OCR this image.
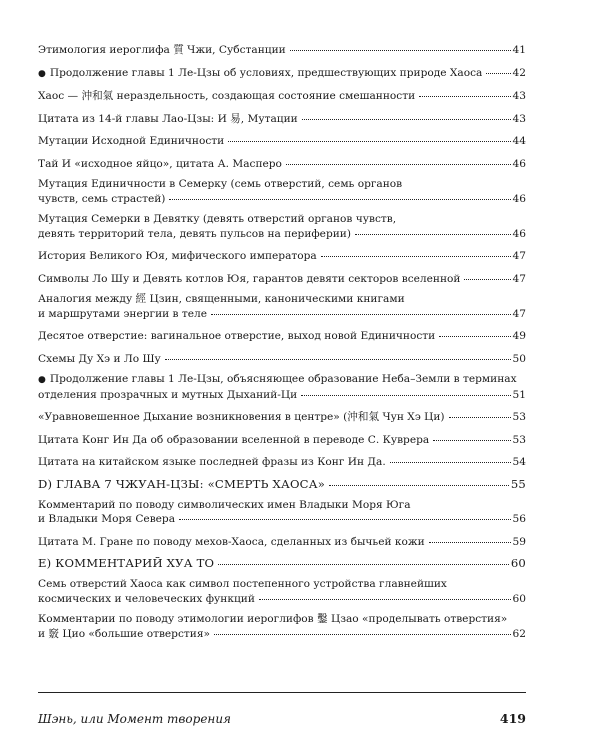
Этимология иероглифа 質 Чжи, Субстанции	41
● Продолжение главы 1 Ле-Цзы об условиях, предшествующих природе Хаоса	42
Хаос — 沖和氣 нераздельность, создающая состояние смешанности	43
Цитата из 14-й главы Лао-Цзы: И 易, Мутации	43
Мутации Исходной Единичности	44
Тай И «исходное яйцо», цитата А. Масперо	46
Мутация Единичности в Семерку (семь отверстий, семь органов
чувств, семь страстей)	46
Мутация Семерки в Девятку (девять отверстий органов чувств,
девять территорий тела, девять пульсов на периферии)	46
История Великого Юя, мифического императора	47
Символы Ло Шу и Девять котлов Юя, гарантов девяти секторов вселенной	47
Аналогия между 經 Цзин, священными, каноническими книгами
и маршрутами энергии в теле	47
Десятое отверстие: вагинальное отверстие, выход новой Единичности	49
Схемы Ду Хэ и Ло Шу	50
● Продолжение главы 1 Ле-Цзы, объясняющее образование Неба–Земли в терминах
отделения прозрачных и мутных Дыханий-Ци	51
«Уравновешенное Дыхание возникновения в центре» (沖和氣 Чун Хэ Ци)	53
Цитата Конг Ин Да об образовании вселенной в переводе С. Куврера	53
Цитата на китайском языке последней фразы из Конг Ин Да.	54
D) ГЛАВА 7 ЧЖУАН-ЦЗЫ: «СМЕРТЬ ХАОСА»	55
Комментарий по поводу символических имен Владыки Моря Юга
и Владыки Моря Севера	56
Цитата М. Гране по поводу мехов-Хаоса, сделанных из бычьей кожи	59
E) КОММЕНТАРИЙ ХУА ТО	60
Семь отверстий Хаоса как символ постепенного устройства главнейших
космических и человеческих функций	60
Комментарии по поводу этимологии иероглифов 鑿 Цзао «проделывать отверстия»
и 竅 Цио «большие отверстия»	62
Шэнь, или Момент творения	419
